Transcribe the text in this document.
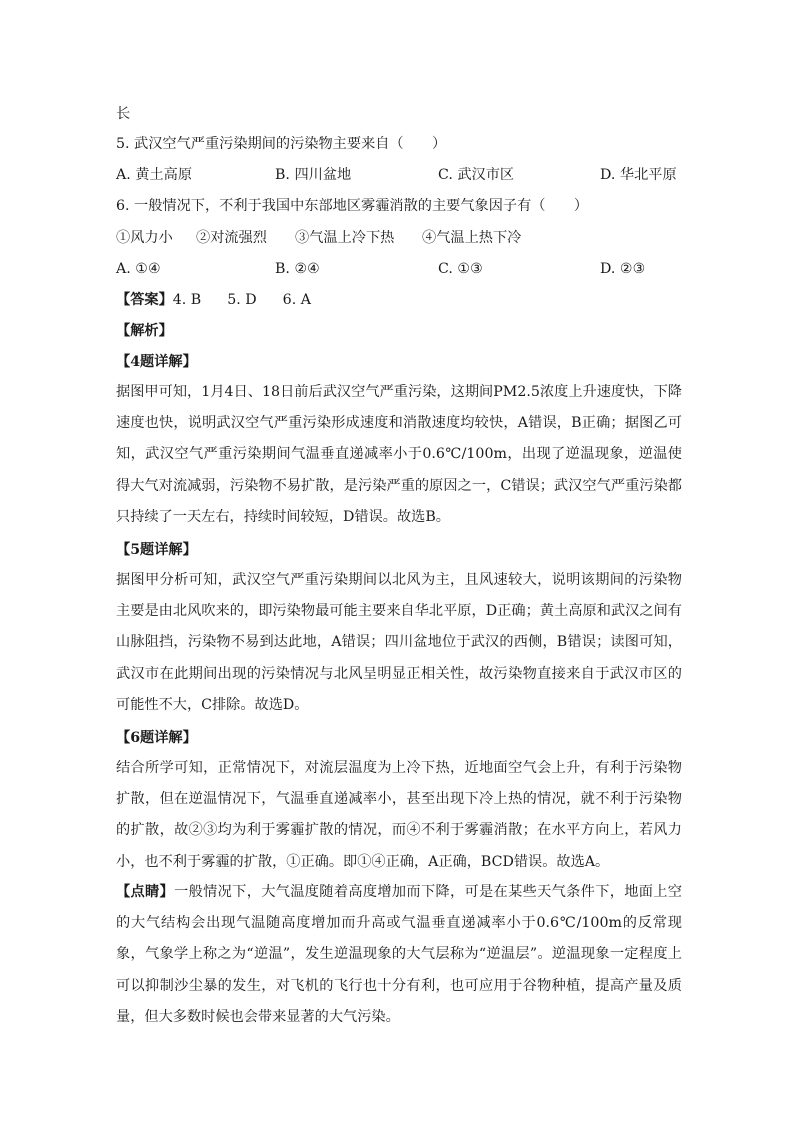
长
5. 武汉空气严重污染期间的污染物主要来自（　　）
A. 黄土高原	B. 四川盆地	C. 武汉市区	D. 华北平原
6. 一般情况下，不利于我国中东部地区雾霾消散的主要气象因子有（　　）
①风力小 ②对流强烈 ③气温上冷下热 ④气温上热下冷
A. ①④	B. ②④	C. ①③	D. ②③
【答案】4. B 5. D 6. A
【解析】
【4题详解】
据图甲可知，1月4日、18日前后武汉空气严重污染，这期间PM2.5浓度上升速度快，下降速度也快，说明武汉空气严重污染形成速度和消散速度均较快，A错误，B正确；据图乙可知，武汉空气严重污染期间气温垂直递减率小于0.6℃/100m，出现了逆温现象，逆温使得大气对流减弱，污染物不易扩散，是污染严重的原因之一，C错误；武汉空气严重污染都只持续了一天左右，持续时间较短，D错误。故选B。
【5题详解】
据图甲分析可知，武汉空气严重污染期间以北风为主，且风速较大，说明该期间的污染物主要是由北风吹来的，即污染物最可能主要来自华北平原，D正确；黄土高原和武汉之间有山脉阻挡，污染物不易到达此地，A错误；四川盆地位于武汉的西侧，B错误；读图可知，武汉市在此期间出现的污染情况与北风呈明显正相关性，故污染物直接来自于武汉市区的可能性不大，C排除。故选D。
【6题详解】
结合所学可知，正常情况下，对流层温度为上冷下热，近地面空气会上升，有利于污染物扩散，但在逆温情况下，气温垂直递减率小，甚至出现下冷上热的情况，就不利于污染物的扩散，故②③均为利于雾霾扩散的情况，而④不利于雾霾消散；在水平方向上，若风力小，也不利于雾霾的扩散，①正确。即①④正确，A正确，BCD错误。故选A。
【点睛】一般情况下，大气温度随着高度增加而下降，可是在某些天气条件下，地面上空的大气结构会出现气温随高度增加而升高或气温垂直递减率小于0.6℃/100m的反常现象，气象学上称之为“逆温”，发生逆温现象的大气层称为“逆温层”。逆温现象一定程度上可以抑制沙尘暴的发生，对飞机的飞行也十分有利，也可应用于谷物种植，提高产量及质量，但大多数时候也会带来显著的大气污染。
